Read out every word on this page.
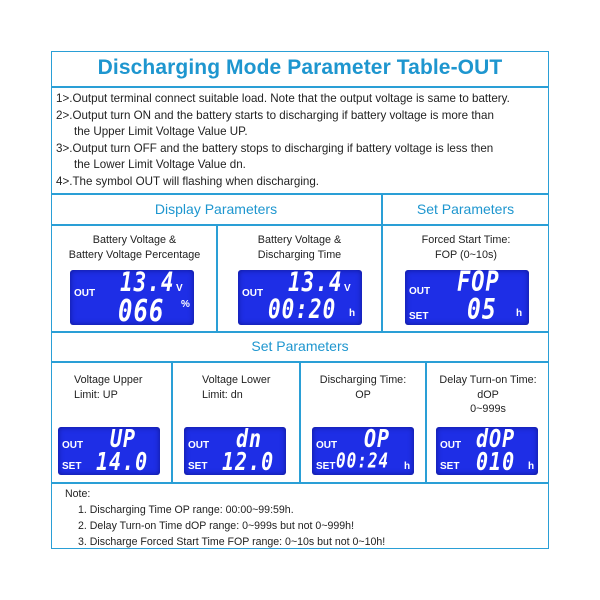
Discharging Mode Parameter Table-OUT
1>.Output terminal connect suitable load. Note that the output voltage is same to battery.
2>.Output turn ON and the battery starts to discharging if battery voltage is more than
the Upper Limit Voltage Value UP.
3>.Output turn OFF and the battery stops to discharging if battery voltage is less then
the Lower Limit Voltage Value dn.
4>.The symbol OUT will flashing when discharging.
Display Parameters	Set Parameters
Set Parameters
Battery Voltage &
Battery Voltage Percentage
OUT 13.4 V
066 %
Battery Voltage &
Discharging Time
OUT 13.4 V
00:20 h
Forced Start Time:
FOP (0~10s)
OUT
SET
FOP
05 h
Voltage Upper
Limit: UP
OUT
SET
UP
14.0
Voltage Lower
Limit: dn
OUT
SET
dn
12.0
Discharging Time:
OP
OUT
SET
OP
00:24 h
Delay Turn-on Time:
dOP
0~999s
OUT
SET
dOP
010 h
Note:
1. Discharging Time OP range: 00:00~99:59h.
2. Delay Turn-on Time dOP range: 0~999s but not 0~999h!
3. Discharge Forced Start Time FOP range: 0~10s but not 0~10h!
